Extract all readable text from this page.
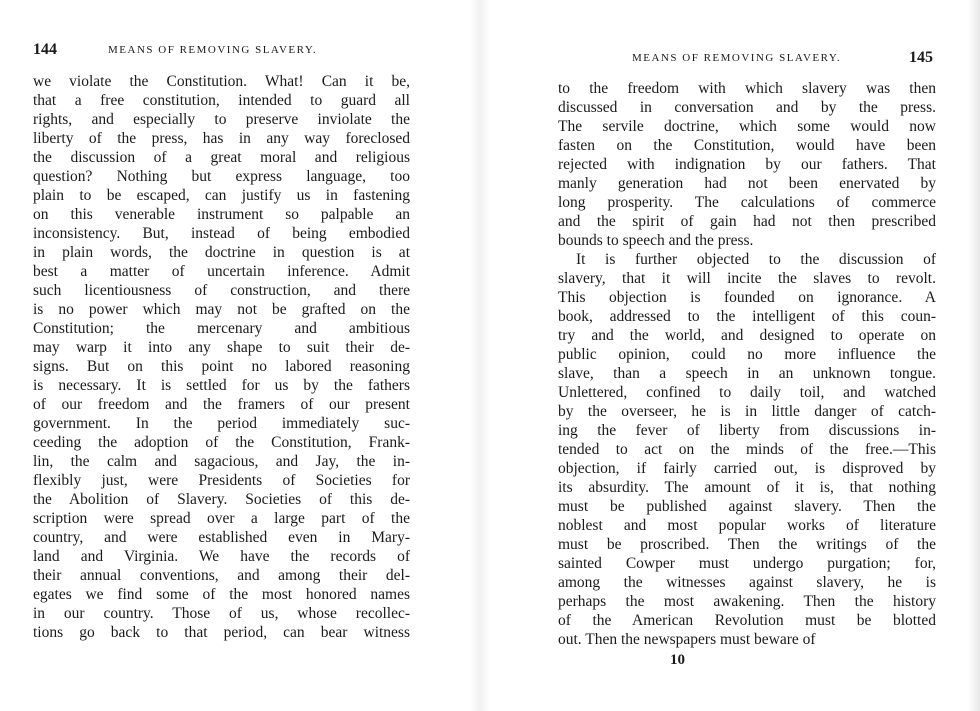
144	MEANS OF REMOVING SLAVERY.
we violate the Constitution. What! Can it be,
that a free constitution, intended to guard all
rights, and especially to preserve inviolate the
liberty of the press, has in any way foreclosed
the discussion of a great moral and religious
question? Nothing but express language, too
plain to be escaped, can justify us in fastening
on this venerable instrument so palpable an
inconsistency. But, instead of being embodied
in plain words, the doctrine in question is at
best a matter of uncertain inference. Admit
such licentiousness of construction, and there
is no power which may not be grafted on the
Constitution; the mercenary and ambitious
may warp it into any shape to suit their de-
signs. But on this point no labored reasoning
is necessary. It is settled for us by the fathers
of our freedom and the framers of our present
government. In the period immediately suc-
ceeding the adoption of the Constitution, Frank-
lin, the calm and sagacious, and Jay, the in-
flexibly just, were Presidents of Societies for
the Abolition of Slavery. Societies of this de-
scription were spread over a large part of the
country, and were established even in Mary-
land and Virginia. We have the records of
their annual conventions, and among their del-
egates we find some of the most honored names
in our country. Those of us, whose recollec-
tions go back to that period, can bear witness
MEANS OF REMOVING SLAVERY.	145
to the freedom with which slavery was then
discussed in conversation and by the press.
The servile doctrine, which some would now
fasten on the Constitution, would have been
rejected with indignation by our fathers. That
manly generation had not been enervated by
long prosperity. The calculations of commerce
and the spirit of gain had not then prescribed
bounds to speech and the press.
It is further objected to the discussion of
slavery, that it will incite the slaves to revolt.
This objection is founded on ignorance. A
book, addressed to the intelligent of this coun-
try and the world, and designed to operate on
public opinion, could no more influence the
slave, than a speech in an unknown tongue.
Unlettered, confined to daily toil, and watched
by the overseer, he is in little danger of catch-
ing the fever of liberty from discussions in-
tended to act on the minds of the free.—This
objection, if fairly carried out, is disproved by
its absurdity. The amount of it is, that nothing
must be published against slavery. Then the
noblest and most popular works of literature
must be proscribed. Then the writings of the
sainted Cowper must undergo purgation; for,
among the witnesses against slavery, he is
perhaps the most awakening. Then the history
of the American Revolution must be blotted
out. Then the newspapers must beware of
10
